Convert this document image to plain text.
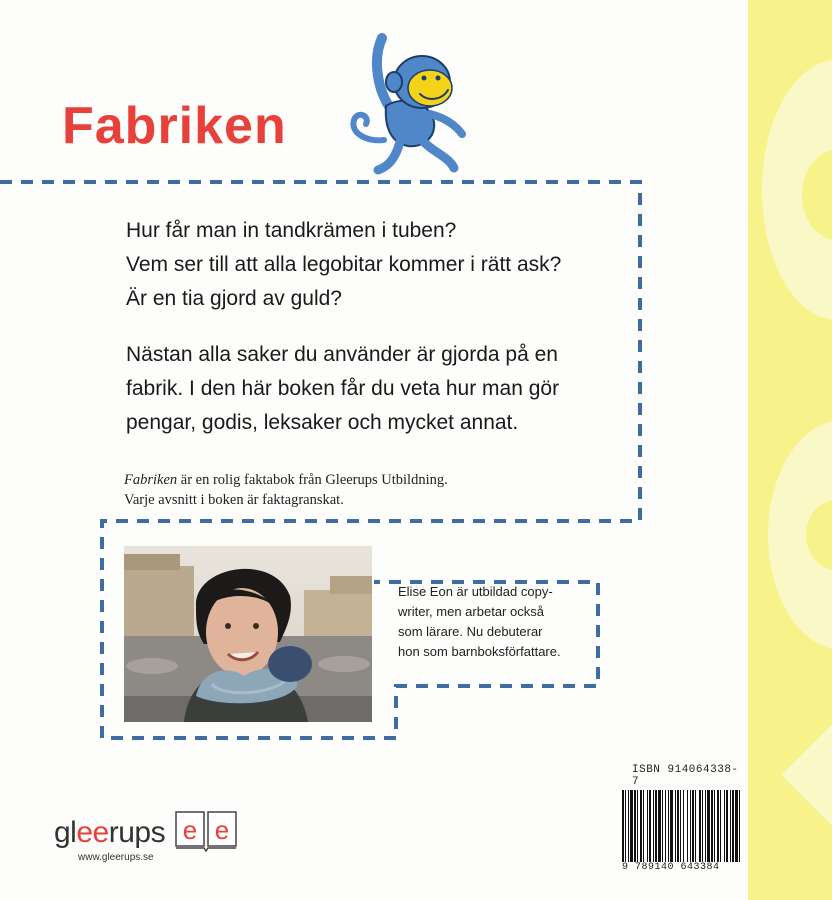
Fabriken
Hur får man in tandkrämen i tuben?
Vem ser till att alla legobitar kommer i rätt ask?
Är en tia gjord av guld?
Nästan alla saker du använder är gjorda på en
fabrik. I den här boken får du veta hur man gör
pengar, godis, leksaker och mycket annat.
Fabriken är en rolig faktabok från Gleerups Utbildning.
Varje avsnitt i boken är faktagranskat.
Elise Eon är utbildad copy-
writer, men arbetar också
som lärare. Nu debuterar
hon som barnboksförfattare.
ISBN 914064338-7
9 789140 643384
gleerups e e
www.gleerups.se
